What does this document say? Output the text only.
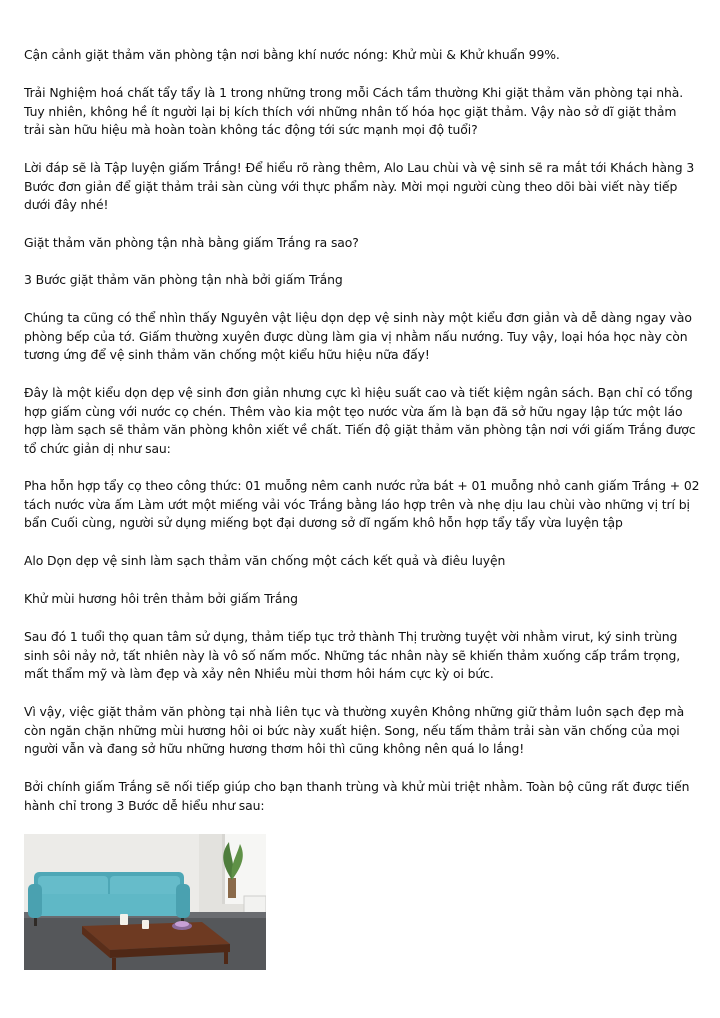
Cận cảnh giặt thảm văn phòng tận nơi bằng khí nước nóng: Khử mùi & Khử khuẩn 99%.

Trải Nghiệm hoá chất tẩy tẩy là 1 trong những trong mỗi Cách tầm thường Khi giặt thảm văn phòng tại nhà. Tuy nhiên, không hề ít người lại bị kích thích với những nhân tố hóa học giặt thảm. Vậy nào sở dĩ giặt thảm trải sàn hữu hiệu mà hoàn toàn không tác động tới sức mạnh mọi độ tuổi?

Lời đáp sẽ là Tập luyện giấm Trắng! Để hiểu rõ ràng thêm, Alo Lau chùi và vệ sinh sẽ ra mắt tới Khách hàng 3 Bước đơn giản để giặt thảm trải sàn cùng với thực phẩm này. Mời mọi người cùng theo dõi bài viết này tiếp dưới đây nhé!

Giặt thảm văn phòng tận nhà bằng giấm Trắng ra sao?

3 Bước giặt thảm văn phòng tận nhà bởi giấm Trắng

Chúng ta cũng có thể nhìn thấy Nguyên vật liệu dọn dẹp vệ sinh này một kiểu đơn giản và dễ dàng ngay vào phòng bếp của tớ. Giấm thường xuyên được dùng làm gia vị nhằm nấu nướng. Tuy vậy, loại hóa học này còn tương ứng để vệ sinh thảm văn chống một kiểu hữu hiệu nữa đấy!

Đây là một kiểu dọn dẹp vệ sinh đơn giản nhưng cực kì hiệu suất cao và tiết kiệm ngân sách. Bạn chỉ có tổng hợp giấm cùng với nước cọ chén. Thêm vào kia một tẹo nước vừa ấm là bạn đã sở hữu ngay lập tức một láo hợp làm sạch sẽ thảm văn phòng khôn xiết về chất. Tiến độ giặt thảm văn phòng tận nơi với giấm Trắng được tổ chức giản dị như sau:

Pha hỗn hợp tẩy cọ theo công thức: 01 muỗng nêm canh nước rửa bát + 01 muỗng nhỏ canh giấm Trắng + 02 tách nước vừa ấm Làm ướt một miếng vải vóc Trắng bằng láo hợp trên và nhẹ dịu lau chùi vào những vị trí bị bẩn Cuối cùng, người sử dụng miếng bọt đại dương sở dĩ ngấm khô hỗn hợp tẩy tẩy vừa luyện tập

Alo Dọn dẹp vệ sinh làm sạch thảm văn chống một cách kết quả và điêu luyện

Khử mùi hương hôi trên thảm bởi giấm Trắng

Sau đó 1 tuổi thọ quan tâm sử dụng, thảm tiếp tục trở thành Thị trường tuyệt vời nhằm virut, ký sinh trùng sinh sôi nảy nở, tất nhiên này là vô số nấm mốc. Những tác nhân này sẽ khiến thảm xuống cấp trầm trọng, mất thẩm mỹ và làm đẹp và xảy nên Nhiều mùi thơm hôi hám cực kỳ oi bức.

Vì vậy, việc giặt thảm văn phòng tại nhà liên tục và thường xuyên Không những giữ thảm luôn sạch đẹp mà còn ngăn chặn những mùi hương hôi oi bức này xuất hiện. Song, nếu tấm thảm trải sàn văn chống của mọi người vẫn và đang sở hữu những hương thơm hôi thì cũng không nên quá lo lắng!

Bởi chính giấm Trắng sẽ nối tiếp giúp cho bạn thanh trùng và khử mùi triệt nhằm. Toàn bộ cũng rất được tiến hành chỉ trong 3 Bước dễ hiểu như sau:
